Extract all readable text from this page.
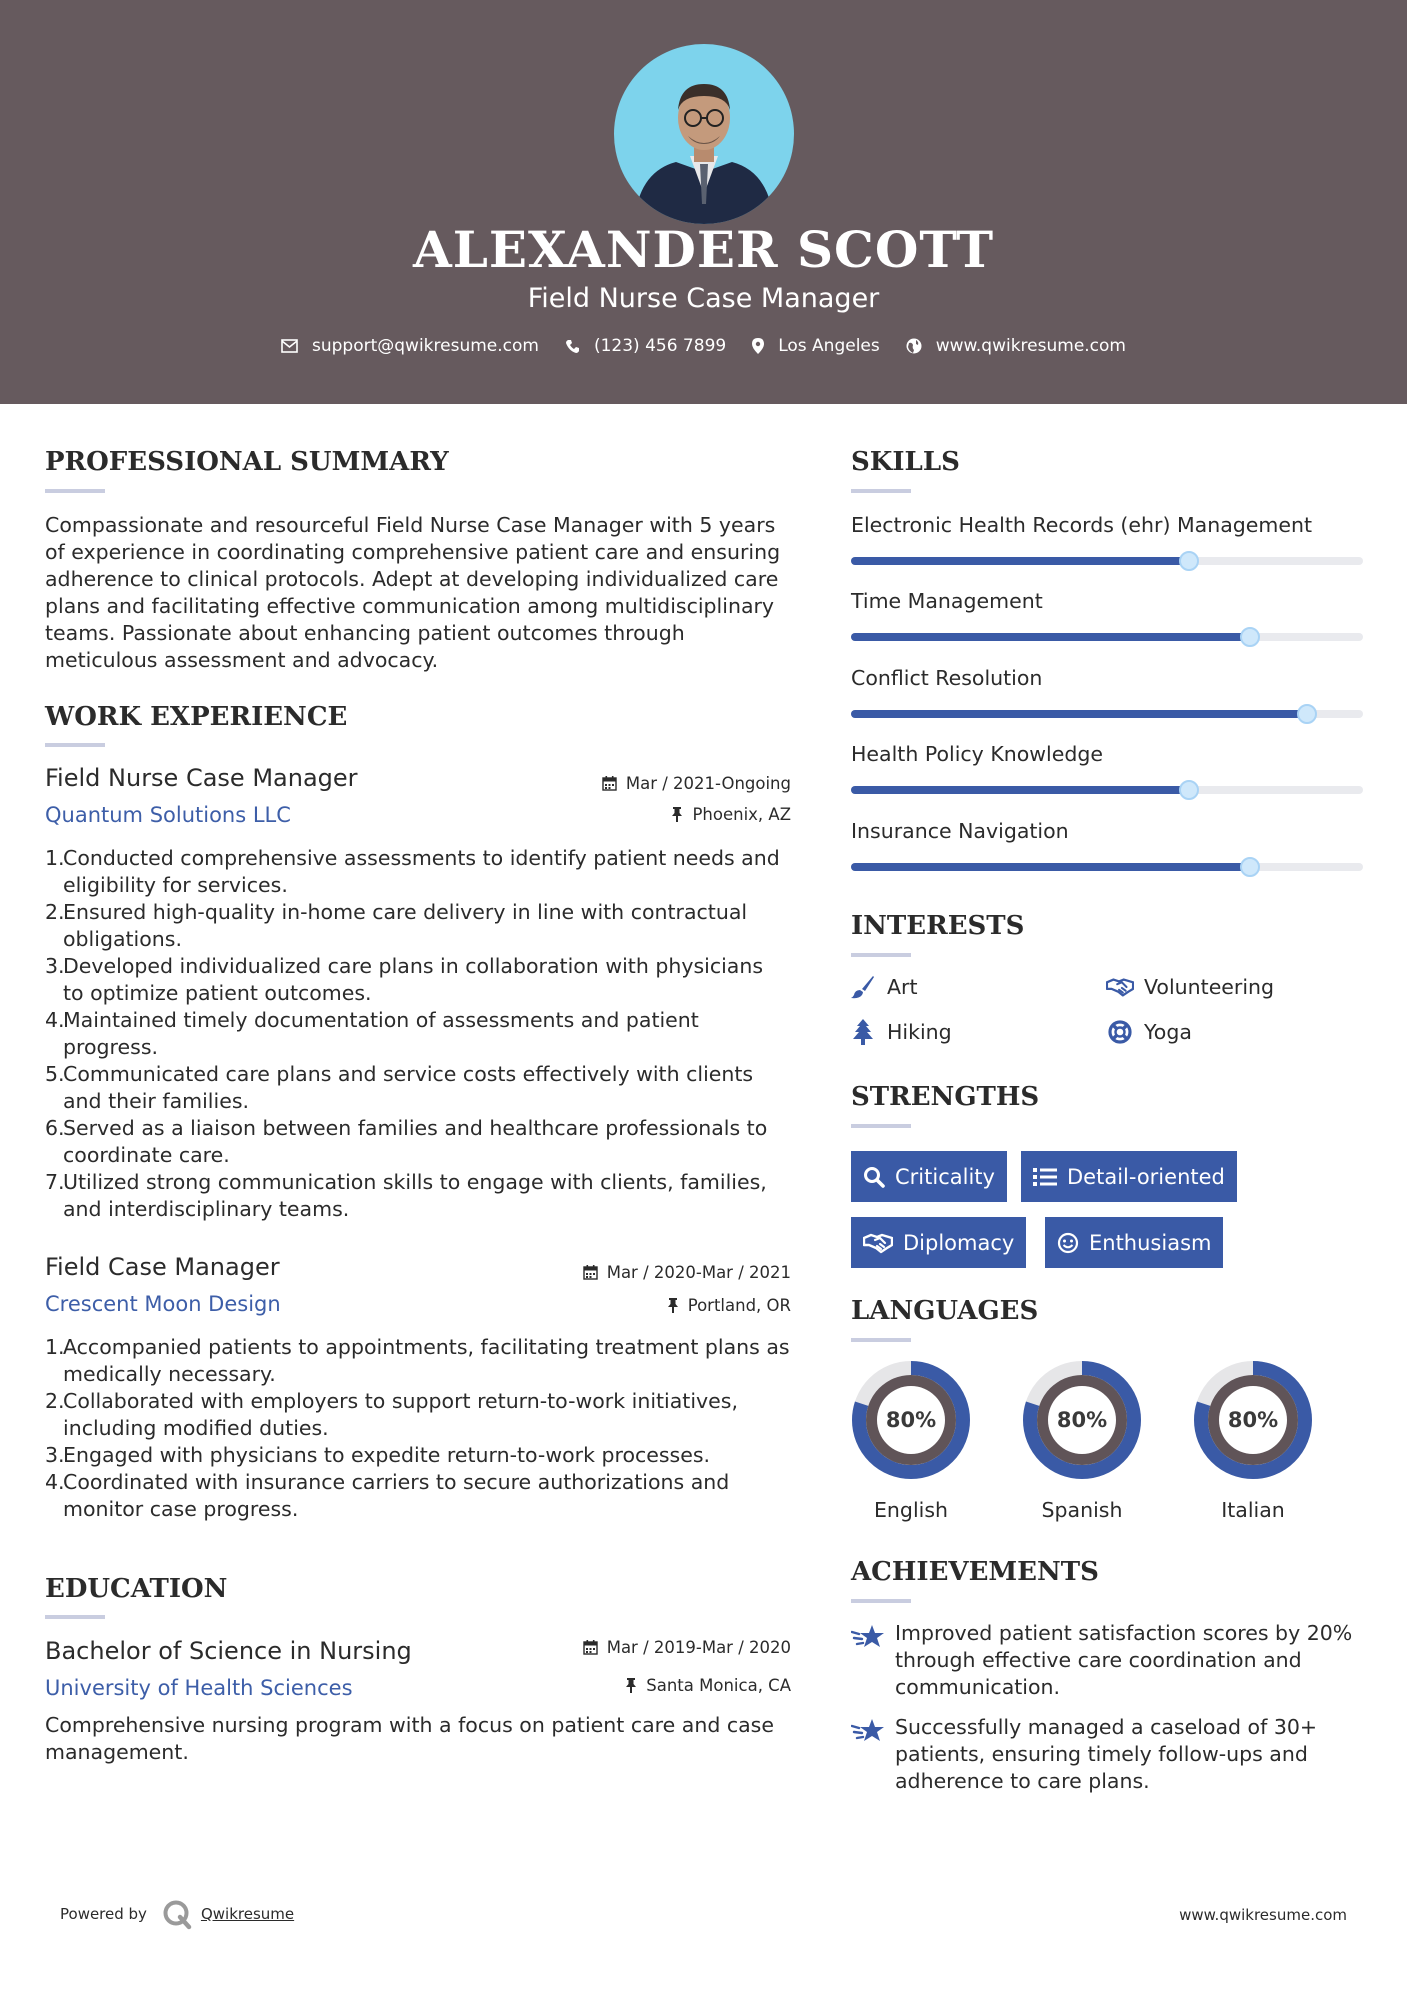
ALEXANDER SCOTT
Field Nurse Case Manager
support@qwikresume.com	(123) 456 7899	Los Angeles	www.qwikresume.com
PROFESSIONAL SUMMARY
Compassionate and resourceful Field Nurse Case Manager with 5 years of experience in coordinating comprehensive patient care and ensuring adherence to clinical protocols. Adept at developing individualized care plans and facilitating effective communication among multidisciplinary teams. Passionate about enhancing patient outcomes through meticulous assessment and advocacy.
WORK EXPERIENCE
Field Nurse Case Manager	Mar / 2021-Ongoing
Quantum Solutions LLC	Phoenix, AZ
1.
Conducted comprehensive assessments to identify patient needs and eligibility for services.
2.
Ensured high-quality in-home care delivery in line with contractual obligations.
3.
Developed individualized care plans in collaboration with physicians to optimize patient outcomes.
4.
Maintained timely documentation of assessments and patient progress.
5.
Communicated care plans and service costs effectively with clients and their families.
6.
Served as a liaison between families and healthcare professionals to coordinate care.
7.
Utilized strong communication skills to engage with clients, families, and interdisciplinary teams.
Field Case Manager	Mar / 2020-Mar / 2021
Crescent Moon Design	Portland, OR
1.
Accompanied patients to appointments, facilitating treatment plans as medically necessary.
2.
Collaborated with employers to support return-to-work initiatives, including modified duties.
3.
Engaged with physicians to expedite return-to-work processes.
4.
Coordinated with insurance carriers to secure authorizations and monitor case progress.
EDUCATION
Bachelor of Science in Nursing	Mar / 2019-Mar / 2020
University of Health Sciences	Santa Monica, CA
Comprehensive nursing program with a focus on patient care and case management.
SKILLS
Electronic Health Records (ehr) Management
Time Management
Conflict Resolution
Health Policy Knowledge
Insurance Navigation
INTERESTS
Art	Volunteering
Hiking	Yoga
STRENGTHS
Criticality	Detail-oriented
Diplomacy	Enthusiasm
LANGUAGES
80%
English
80%
Spanish
80%
Italian
ACHIEVEMENTS
Improved patient satisfaction scores by 20% through effective care coordination and communication.
Successfully managed a caseload of 30+ patients, ensuring timely follow-ups and adherence to care plans.
Powered by	Qwikresume	www.qwikresume.com
